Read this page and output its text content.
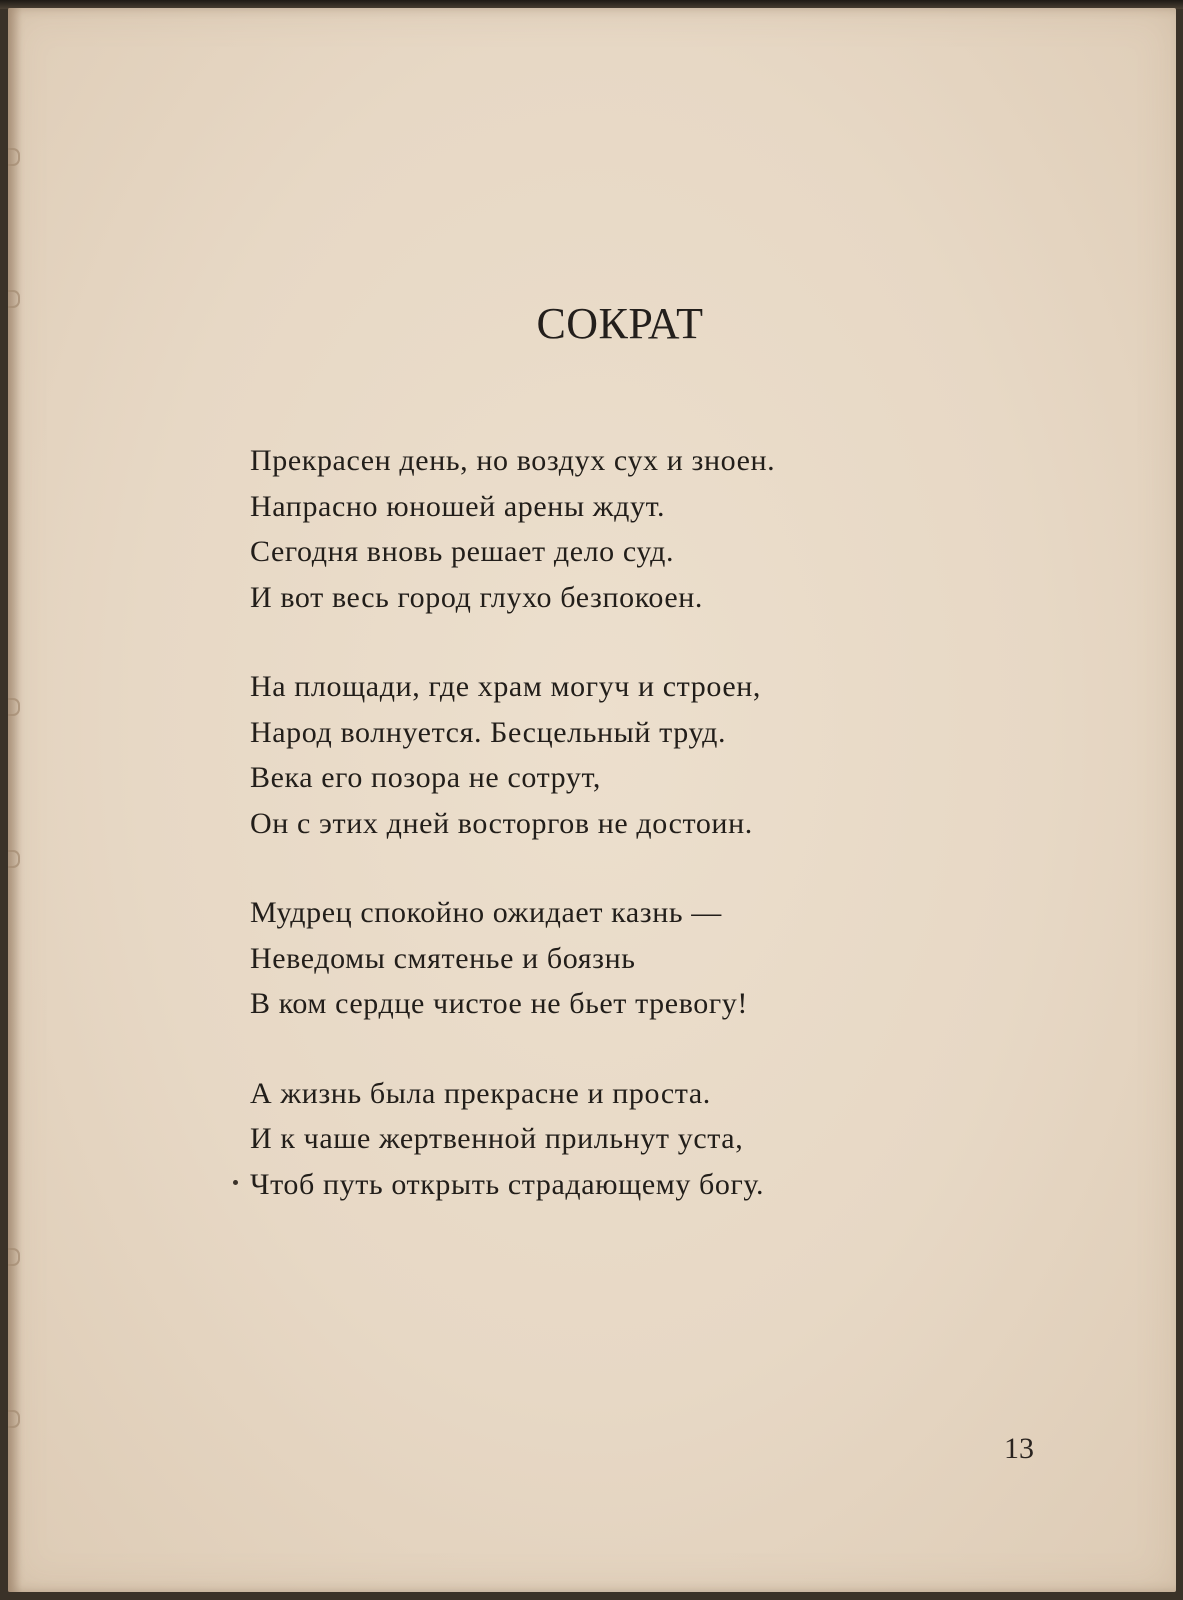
СОКРАТ
Прекрасен день, но воздух сух и зноен.
Напрасно юношей арены ждут.
Сегодня вновь решает дело суд.
И вот весь город глухо безпокоен.
На площади, где храм могуч и строен,
Народ волнуется. Бесцельный труд.
Века его позора не сотрут,
Он с этих дней восторгов не достоин.
Мудрец спокойно ожидает казнь —
Неведомы смятенье и боязнь
В ком сердце чистое не бьет тревогу!
А жизнь была прекрасне и проста.
И к чаше жертвенной прильнут уста,
Чтоб путь открыть страдающему богу.
13
